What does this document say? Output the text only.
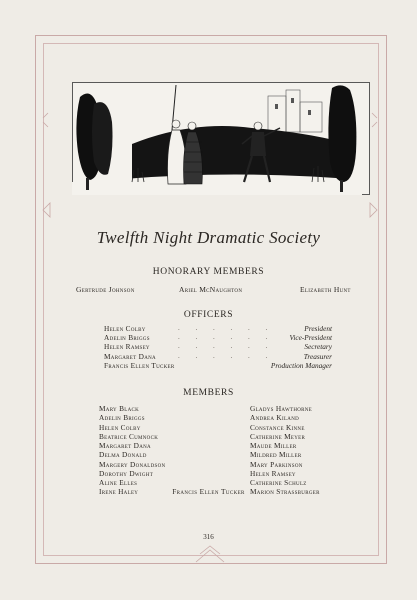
Twelfth Night Dramatic Society
HONORARY MEMBERS
Gertrude Johnson	Ariel McNaughton	Elizabeth Hunt
OFFICERS
Helen Colby	. . . . . .	President
Adelin Briggs	. . . . . .	Vice-President
Helen Ramsey	. . . . . .	Secretary
Margaret Dana	. . . . . .	Treasurer
Francis Ellen Tucker	Production Manager
MEMBERS
Mary Black
Adelin Briggs
Helen Colby
Beatrice Cumnock
Margaret Dana
Delma Donald
Margery Donaldson
Dorothy Dwight
Aline Elles
Irene Haley
Gladys Hawthorne
Andrea Kiland
Constance Kinne
Catherine Meyer
Maude Miller
Mildred Miller
Mary Parkinson
Helen Ramsey
Catherine Schulz
Marion Strassburger
Francis Ellen Tucker
316
